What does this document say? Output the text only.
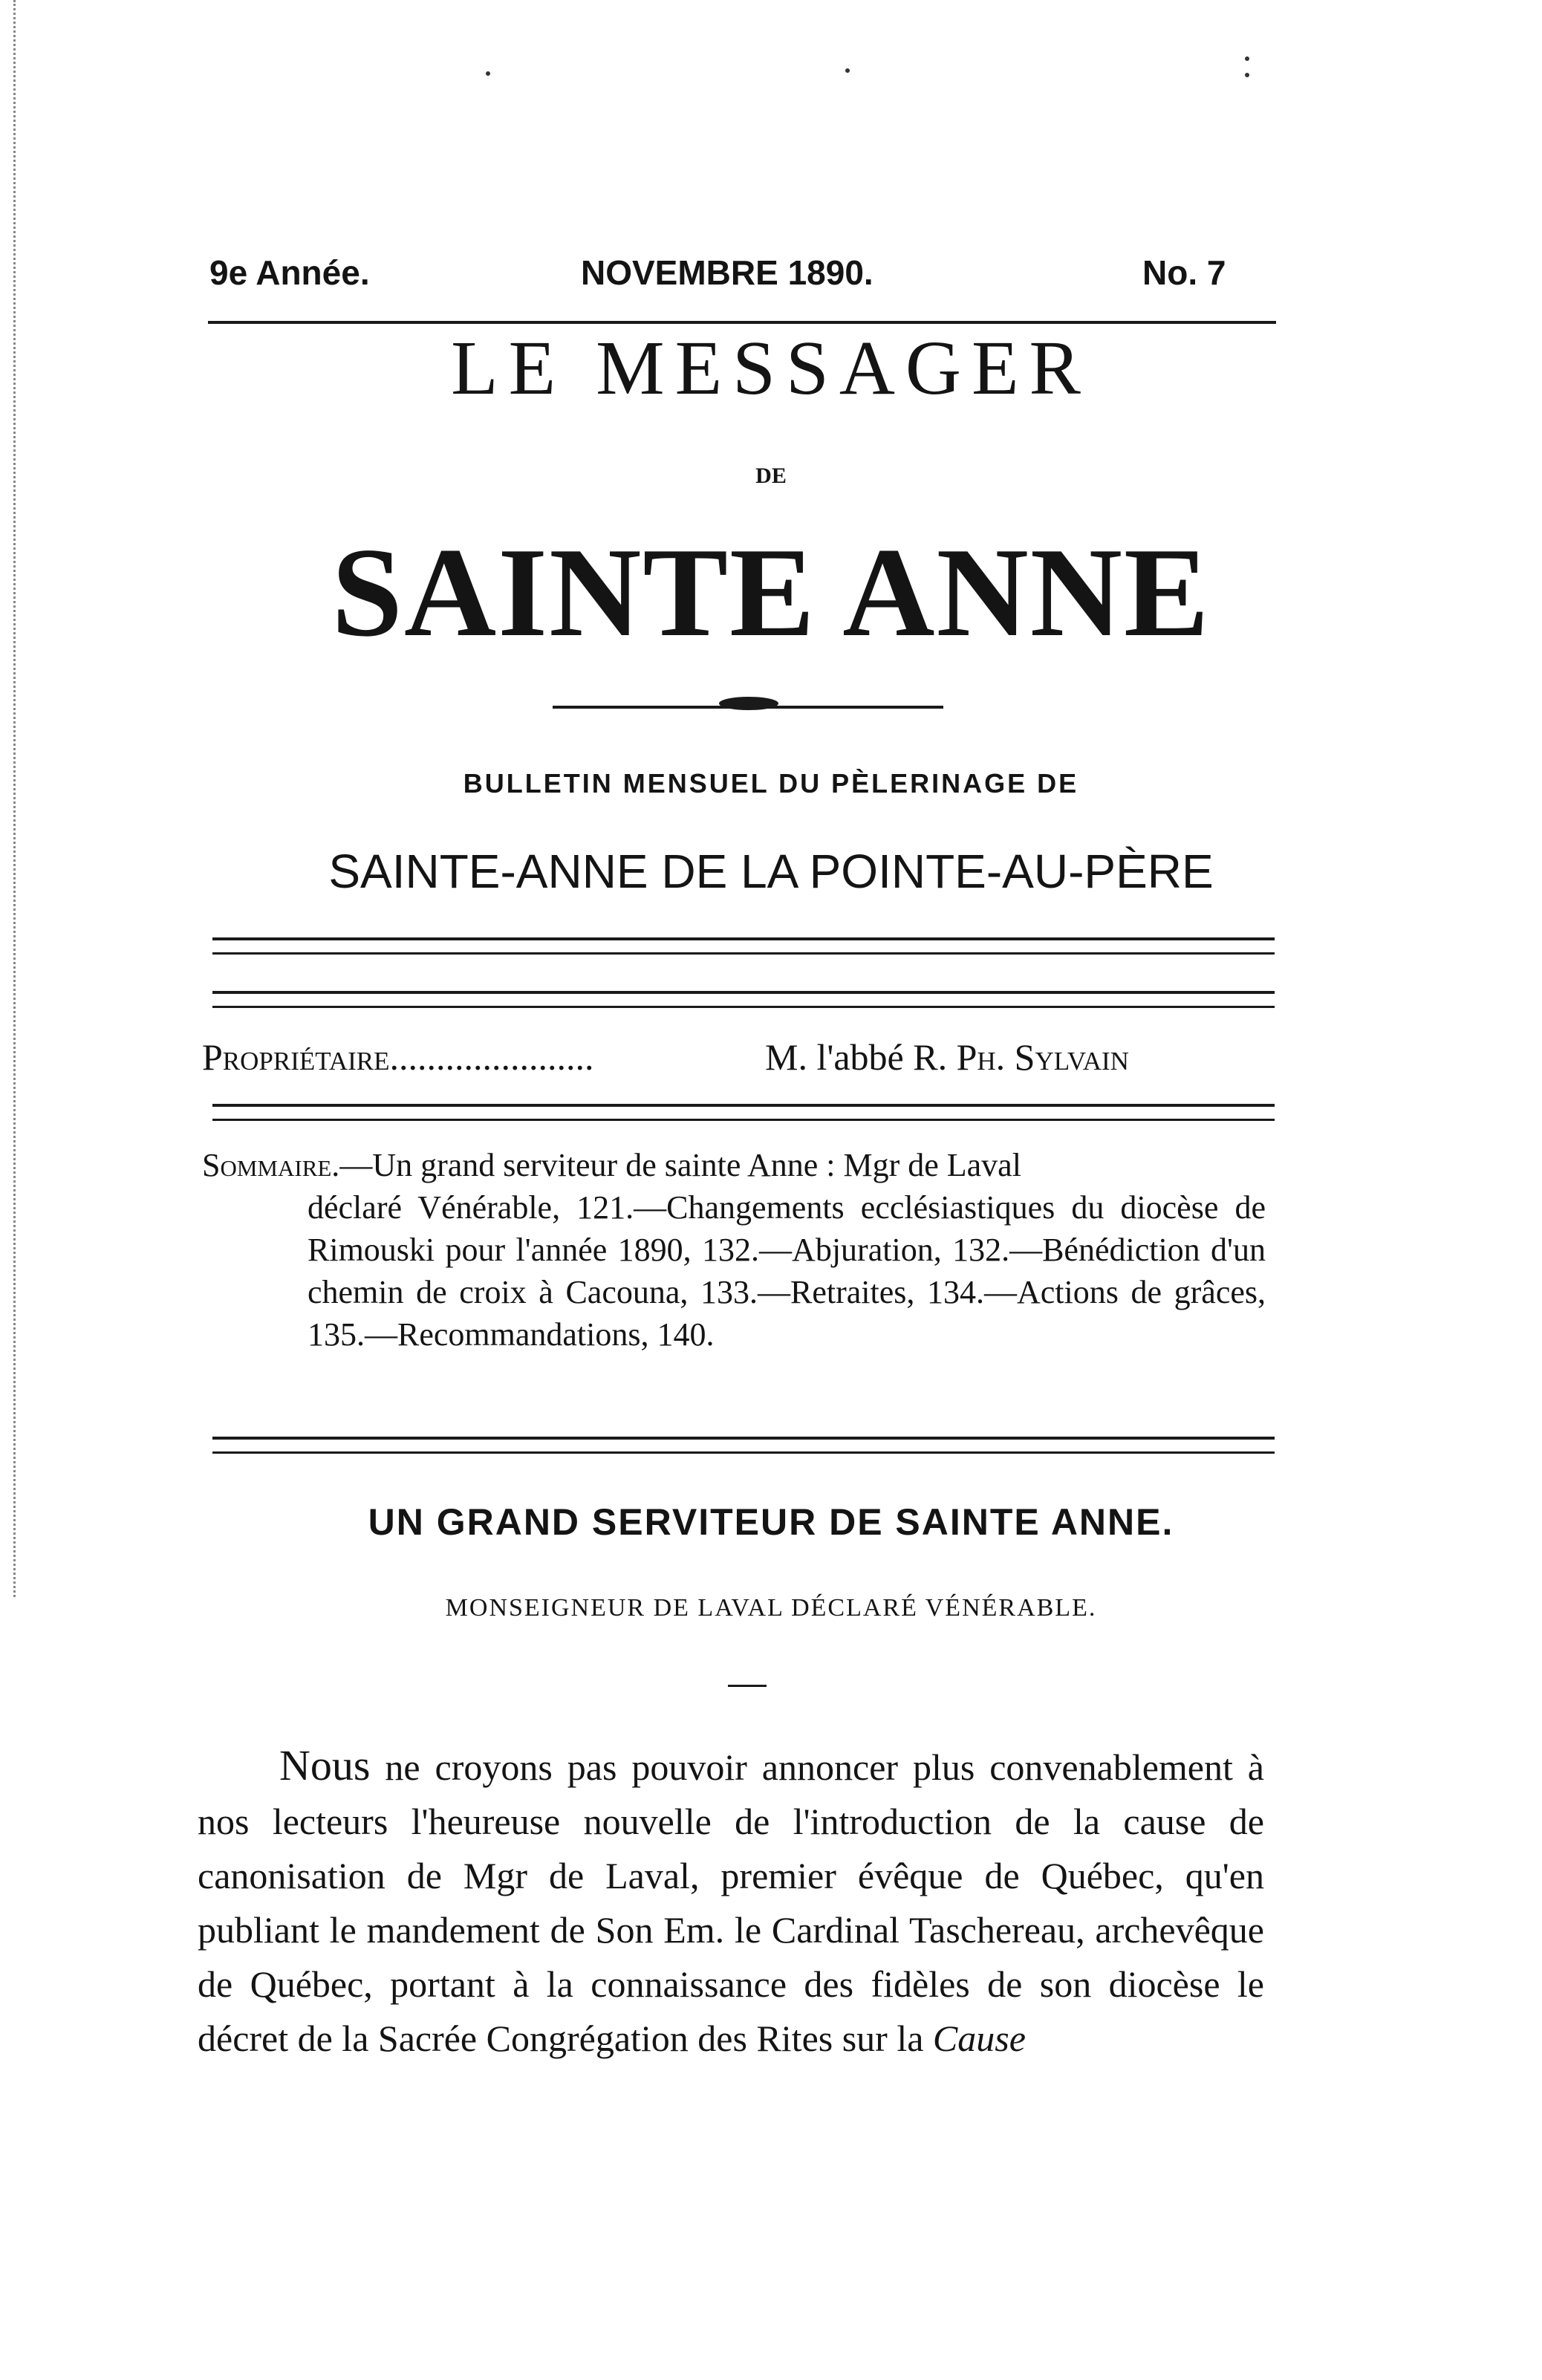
9e Année.	NOVEMBRE 1890.	No. 7
LE MESSAGER
DE
SAINTE ANNE
BULLETIN MENSUEL DU PÈLERINAGE DE
SAINTE-ANNE DE LA POINTE-AU-PÈRE
Propriétaire......................	M. l'abbé R. Ph. Sylvain
Sommaire.—Un grand serviteur de sainte Anne : Mgr de Laval
déclaré Vénérable, 121.—Changements ecclésiastiques du diocèse de Rimouski pour l'année 1890, 132.—Abjuration, 132.—Bénédiction d'un chemin de croix à Cacouna, 133.—Retraites, 134.—Actions de grâces, 135.—Recommandations, 140.
UN GRAND SERVITEUR DE SAINTE ANNE.
MONSEIGNEUR DE LAVAL DÉCLARÉ VÉNÉRABLE.
Nous ne croyons pas pouvoir annoncer plus convenablement à nos lecteurs l'heureuse nouvelle de l'introduction de la cause de canonisation de Mgr de Laval, premier évêque de Québec, qu'en publiant le mandement de Son Em. le Cardinal Taschereau, archevêque de Québec, portant à la connaissance des fidèles de son diocèse le décret de la Sacrée Congrégation des Rites sur la Cause
